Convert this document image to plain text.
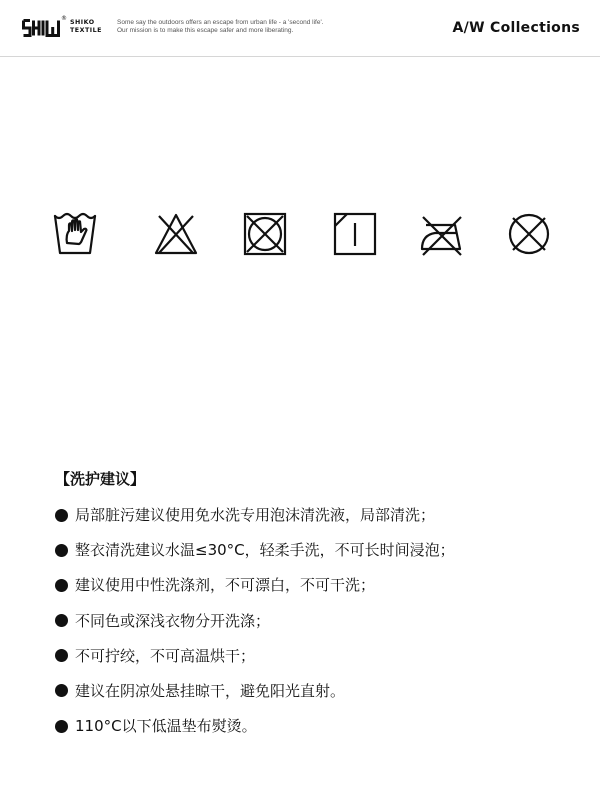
®
SHIKO
TEXTILE
Some say the outdoors offers an escape from urban life - a 'second life'.
Our mission is to make this escape safer and more liberating.	A/W Collections
【洗护建议】
局部脏污建议使用免水洗专用泡沫清洗液，局部清洗；
整衣清洗建议水温≤30°C，轻柔手洗，不可长时间浸泡；
建议使用中性洗涤剂，不可漂白，不可干洗；
不同色或深浅衣物分开洗涤；
不可拧绞，不可高温烘干；
建议在阴凉处悬挂晾干，避免阳光直射。
110°C以下低温垫布熨烫。
